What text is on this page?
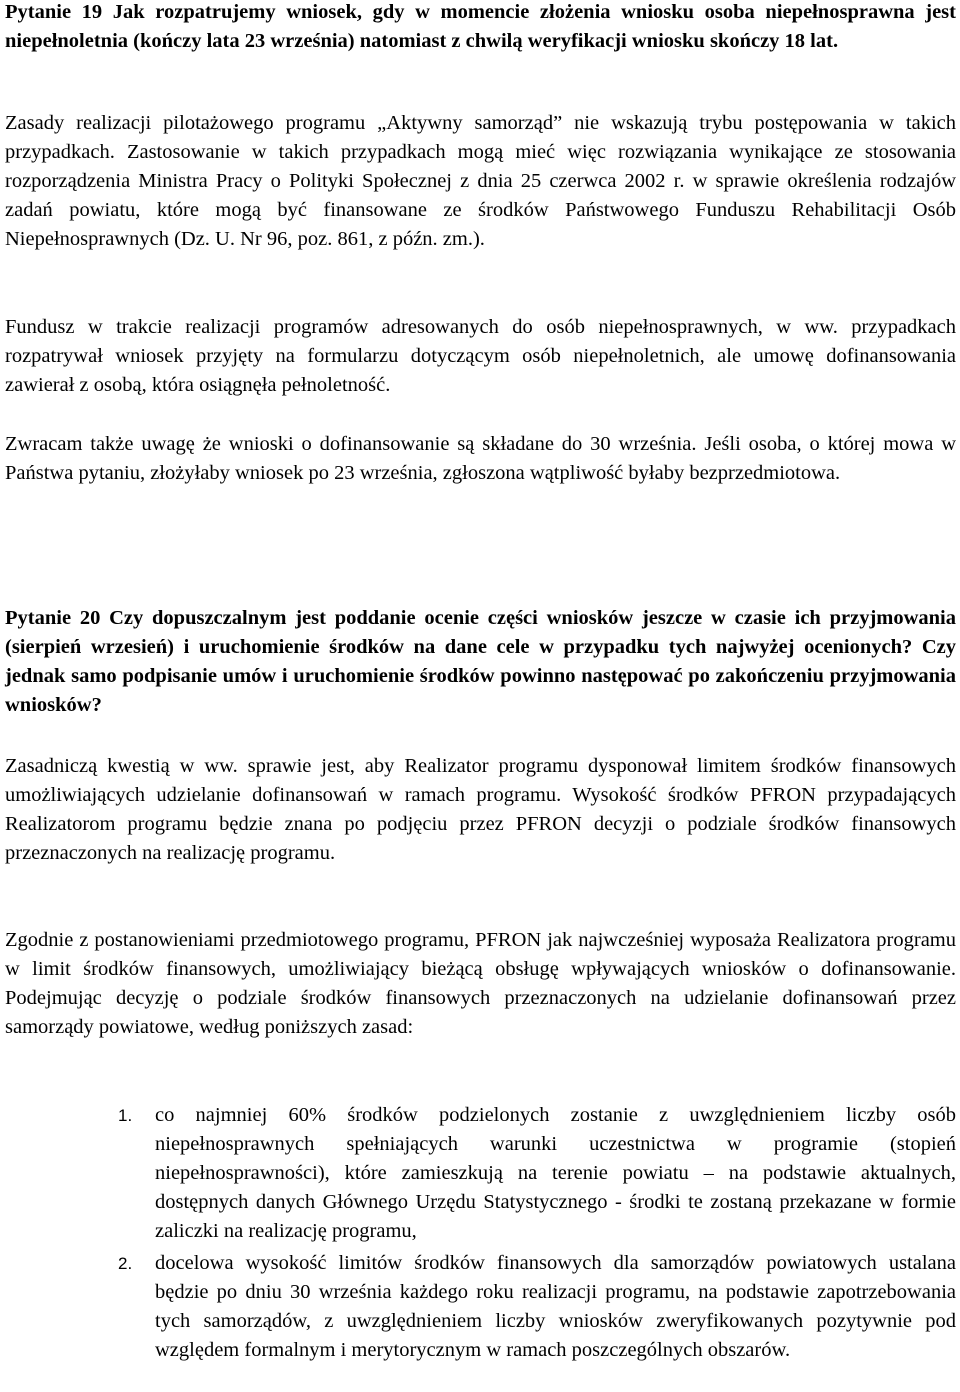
Pytanie 19 Jak rozpatrujemy wniosek, gdy w momencie złożenia wniosku osoba niepełnosprawna jest niepełnoletnia (kończy lata 23 września) natomiast z chwilą weryfikacji wniosku skończy 18 lat.

Zasady realizacji pilotażowego programu „Aktywny samorząd” nie wskazują trybu postępowania w takich przypadkach. Zastosowanie w takich przypadkach mogą mieć więc rozwiązania wynikające ze stosowania rozporządzenia Ministra Pracy o Polityki Społecznej z dnia 25 czerwca 2002 r. w sprawie określenia rodzajów zadań powiatu, które mogą być finansowane ze środków Państwowego Funduszu Rehabilitacji Osób Niepełnosprawnych (Dz. U. Nr 96, poz. 861, z późn. zm.).

Fundusz w trakcie realizacji programów adresowanych do osób niepełnosprawnych, w ww. przypadkach rozpatrywał wniosek przyjęty na formularzu dotyczącym osób niepełnoletnich, ale umowę dofinansowania zawierał z osobą, która osiągnęła pełnoletność.

Zwracam także uwagę że wnioski o dofinansowanie są składane do 30 września. Jeśli osoba, o której mowa w Państwa pytaniu, złożyłaby wniosek po 23 września, zgłoszona wątpliwość byłaby bezprzedmiotowa.

Pytanie 20 Czy dopuszczalnym jest poddanie ocenie części wniosków jeszcze w czasie ich przyjmowania (sierpień wrzesień) i uruchomienie środków na dane cele w przypadku tych najwyżej ocenionych? Czy jednak samo podpisanie umów i uruchomienie środków powinno następować po zakończeniu przyjmowania wniosków?

Zasadniczą kwestią w ww. sprawie jest, aby Realizator programu dysponował limitem środków finansowych umożliwiających udzielanie dofinansowań w ramach programu. Wysokość środków PFRON przypadających Realizatorom programu będzie znana po podjęciu przez PFRON decyzji o podziale środków finansowych przeznaczonych na realizację programu.

Zgodnie z postanowieniami przedmiotowego programu, PFRON jak najwcześniej wyposaża Realizatora programu w limit środków finansowych, umożliwiający bieżącą obsługę wpływających wniosków o dofinansowanie. Podejmując decyzję o podziale środków finansowych przeznaczonych na udzielanie dofinansowań przez samorządy powiatowe, według poniższych zasad:

1. co najmniej 60% środków podzielonych zostanie z uwzględnieniem liczby osób niepełnosprawnych spełniających warunki uczestnictwa w programie (stopień niepełnosprawności), które zamieszkują na terenie powiatu – na podstawie aktualnych, dostępnych danych Głównego Urzędu Statystycznego - środki te zostaną przekazane w formie zaliczki na realizację programu,
2. docelowa wysokość limitów środków finansowych dla samorządów powiatowych ustalana będzie po dniu 30 września każdego roku realizacji programu, na podstawie zapotrzebowania tych samorządów, z uwzględnieniem liczby wniosków zweryfikowanych pozytywnie pod względem formalnym i merytorycznym w ramach poszczególnych obszarów.
